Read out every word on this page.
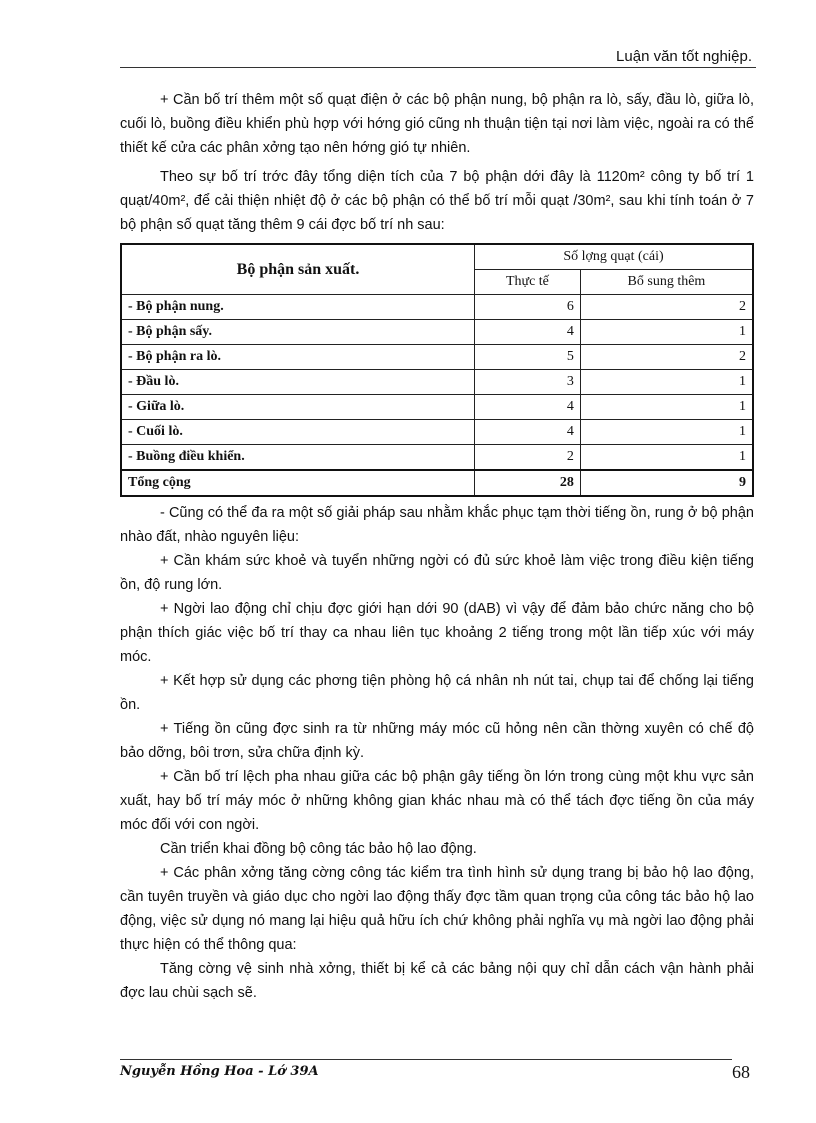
Luận văn tốt nghiệp.

+ Cần bố trí thêm một số quạt điện ở các bộ phận nung, bộ phận ra lò, sấy, đầu lò, giữa lò, cuối lò, buồng điều khiển phù hợp với hớng gió cũng nh thuận tiện tại nơi làm việc, ngoài ra có thể thiết kế cửa các phân xởng tạo nên hớng gió tự nhiên.

Theo sự bố trí trớc đây tổng diện tích của 7 bộ phận dới đây là 1120m² công ty bố trí 1 quạt/40m², để cải thiện nhiệt độ ở các bộ phận có thể bố trí mỗi quạt /30m², sau khi tính toán ở 7 bộ phận số quạt tăng thêm 9 cái đợc bố trí nh sau:

Bộ phận sản xuất.	Số lợng quạt (cái)	
	Thực tế	Bổ sung thêm
- Bộ phận nung.	6	2
- Bộ phận sấy.	4	1
- Bộ phận ra lò.	5	2
- Đầu lò.	3	1
- Giữa lò.	4	1
- Cuối lò.	4	1
- Buồng điều khiển.	2	1
Tổng cộng	28	9

- Cũng có thể đa ra một số giải pháp sau nhằm khắc phục tạm thời tiếng ồn, rung ở bộ phận nhào đất, nhào nguyên liệu:

+ Cần khám sức khoẻ và tuyển những ngời có đủ sức khoẻ làm việc trong điều kiện tiếng ồn, độ rung lớn.

+ Ngời lao động chỉ chịu đợc giới hạn dới 90 (dAB) vì vậy để đảm bảo chức năng cho bộ phận thích giác việc bố trí thay ca nhau liên tục khoảng 2 tiếng trong một lần tiếp xúc với máy móc.

+ Kết hợp sử dụng các phơng tiện phòng hộ cá nhân nh nút tai, chụp tai để chống lại tiếng ồn.

+ Tiếng ồn cũng đợc sinh ra từ những máy móc cũ hỏng nên cần thờng xuyên có chế độ bảo dỡng, bôi trơn, sửa chữa định kỳ.

+ Cần bố trí lệch pha nhau giữa các bộ phận gây tiếng ồn lớn trong cùng một khu vực sản xuất, hay bố trí máy móc ở những không gian khác nhau mà có thể tách đợc tiếng ồn của máy móc đối với con ngời.

Cần triển khai đồng bộ công tác bảo hộ lao động.

+ Các phân xởng tăng cờng công tác kiểm tra tình hình sử dụng trang bị bảo hộ lao động, cần tuyên truyền và giáo dục cho ngời lao động thấy đợc tầm quan trọng của công tác bảo hộ lao động, việc sử dụng nó mang lại hiệu quả hữu ích chứ không phải nghĩa vụ mà ngời lao động phải thực hiện có thể thông qua:

Tăng cờng vệ sinh nhà xởng, thiết bị kể cả các bảng nội quy chỉ dẫn cách vận hành phải đợc lau chùi sạch sẽ.

Nguyễn Hồng Hoa - Lớ 39A	68
